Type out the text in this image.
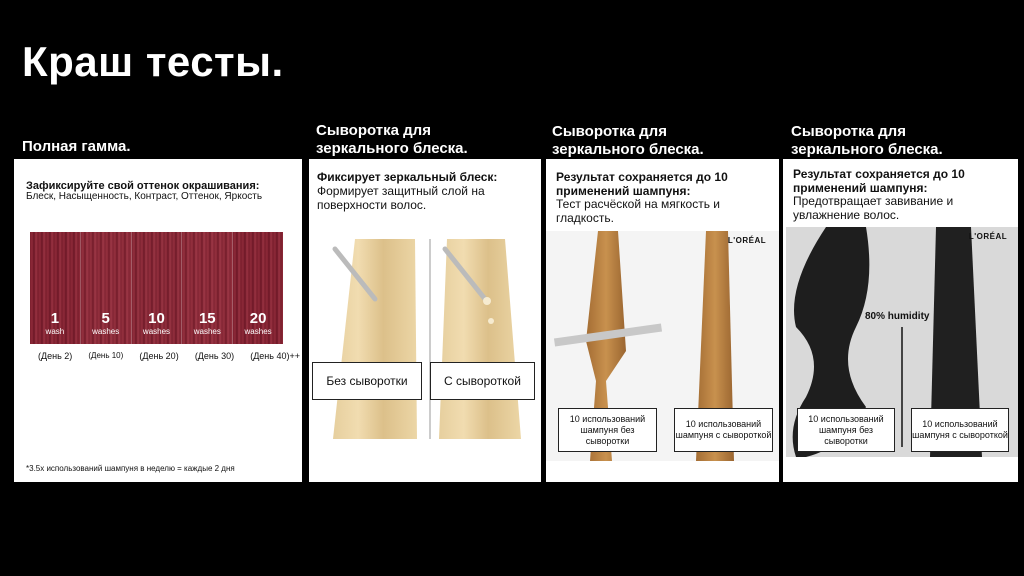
Краш тесты.
Полная гамма.
Сыворотка для зеркального блеска.
Сыворотка для зеркального блеска.
Сыворотка для зеркального блеска.
Зафиксируйте свой оттенок окрашивания:
Блеск, Насыщенность, Контраст, Оттенок, Яркость
1
wash
5
washes
10
washes
15
washes
20
washes
(День 2) (День 10) (День 20) (День 30) (День 40)++
*3.5x использований шампуня в неделю = каждые 2 дня
Фиксирует зеркальный блеск:
Формирует защитный слой на поверхности волос.
Без сыворотки	С сывороткой
Результат сохраняется до 10 применений шампуня:
Тест расчёской на мягкость и гладкость.
L'ORÉAL
10 использований шампуня без сыворотки
10 использований шампуня с сывороткой
Результат сохраняется до 10 применений шампуня:
Предотвращает завивание и увлажнение волос.
80% humidity
L'ORÉAL
10 использований шампуня без сыворотки
10 использований шампуня с сывороткой
